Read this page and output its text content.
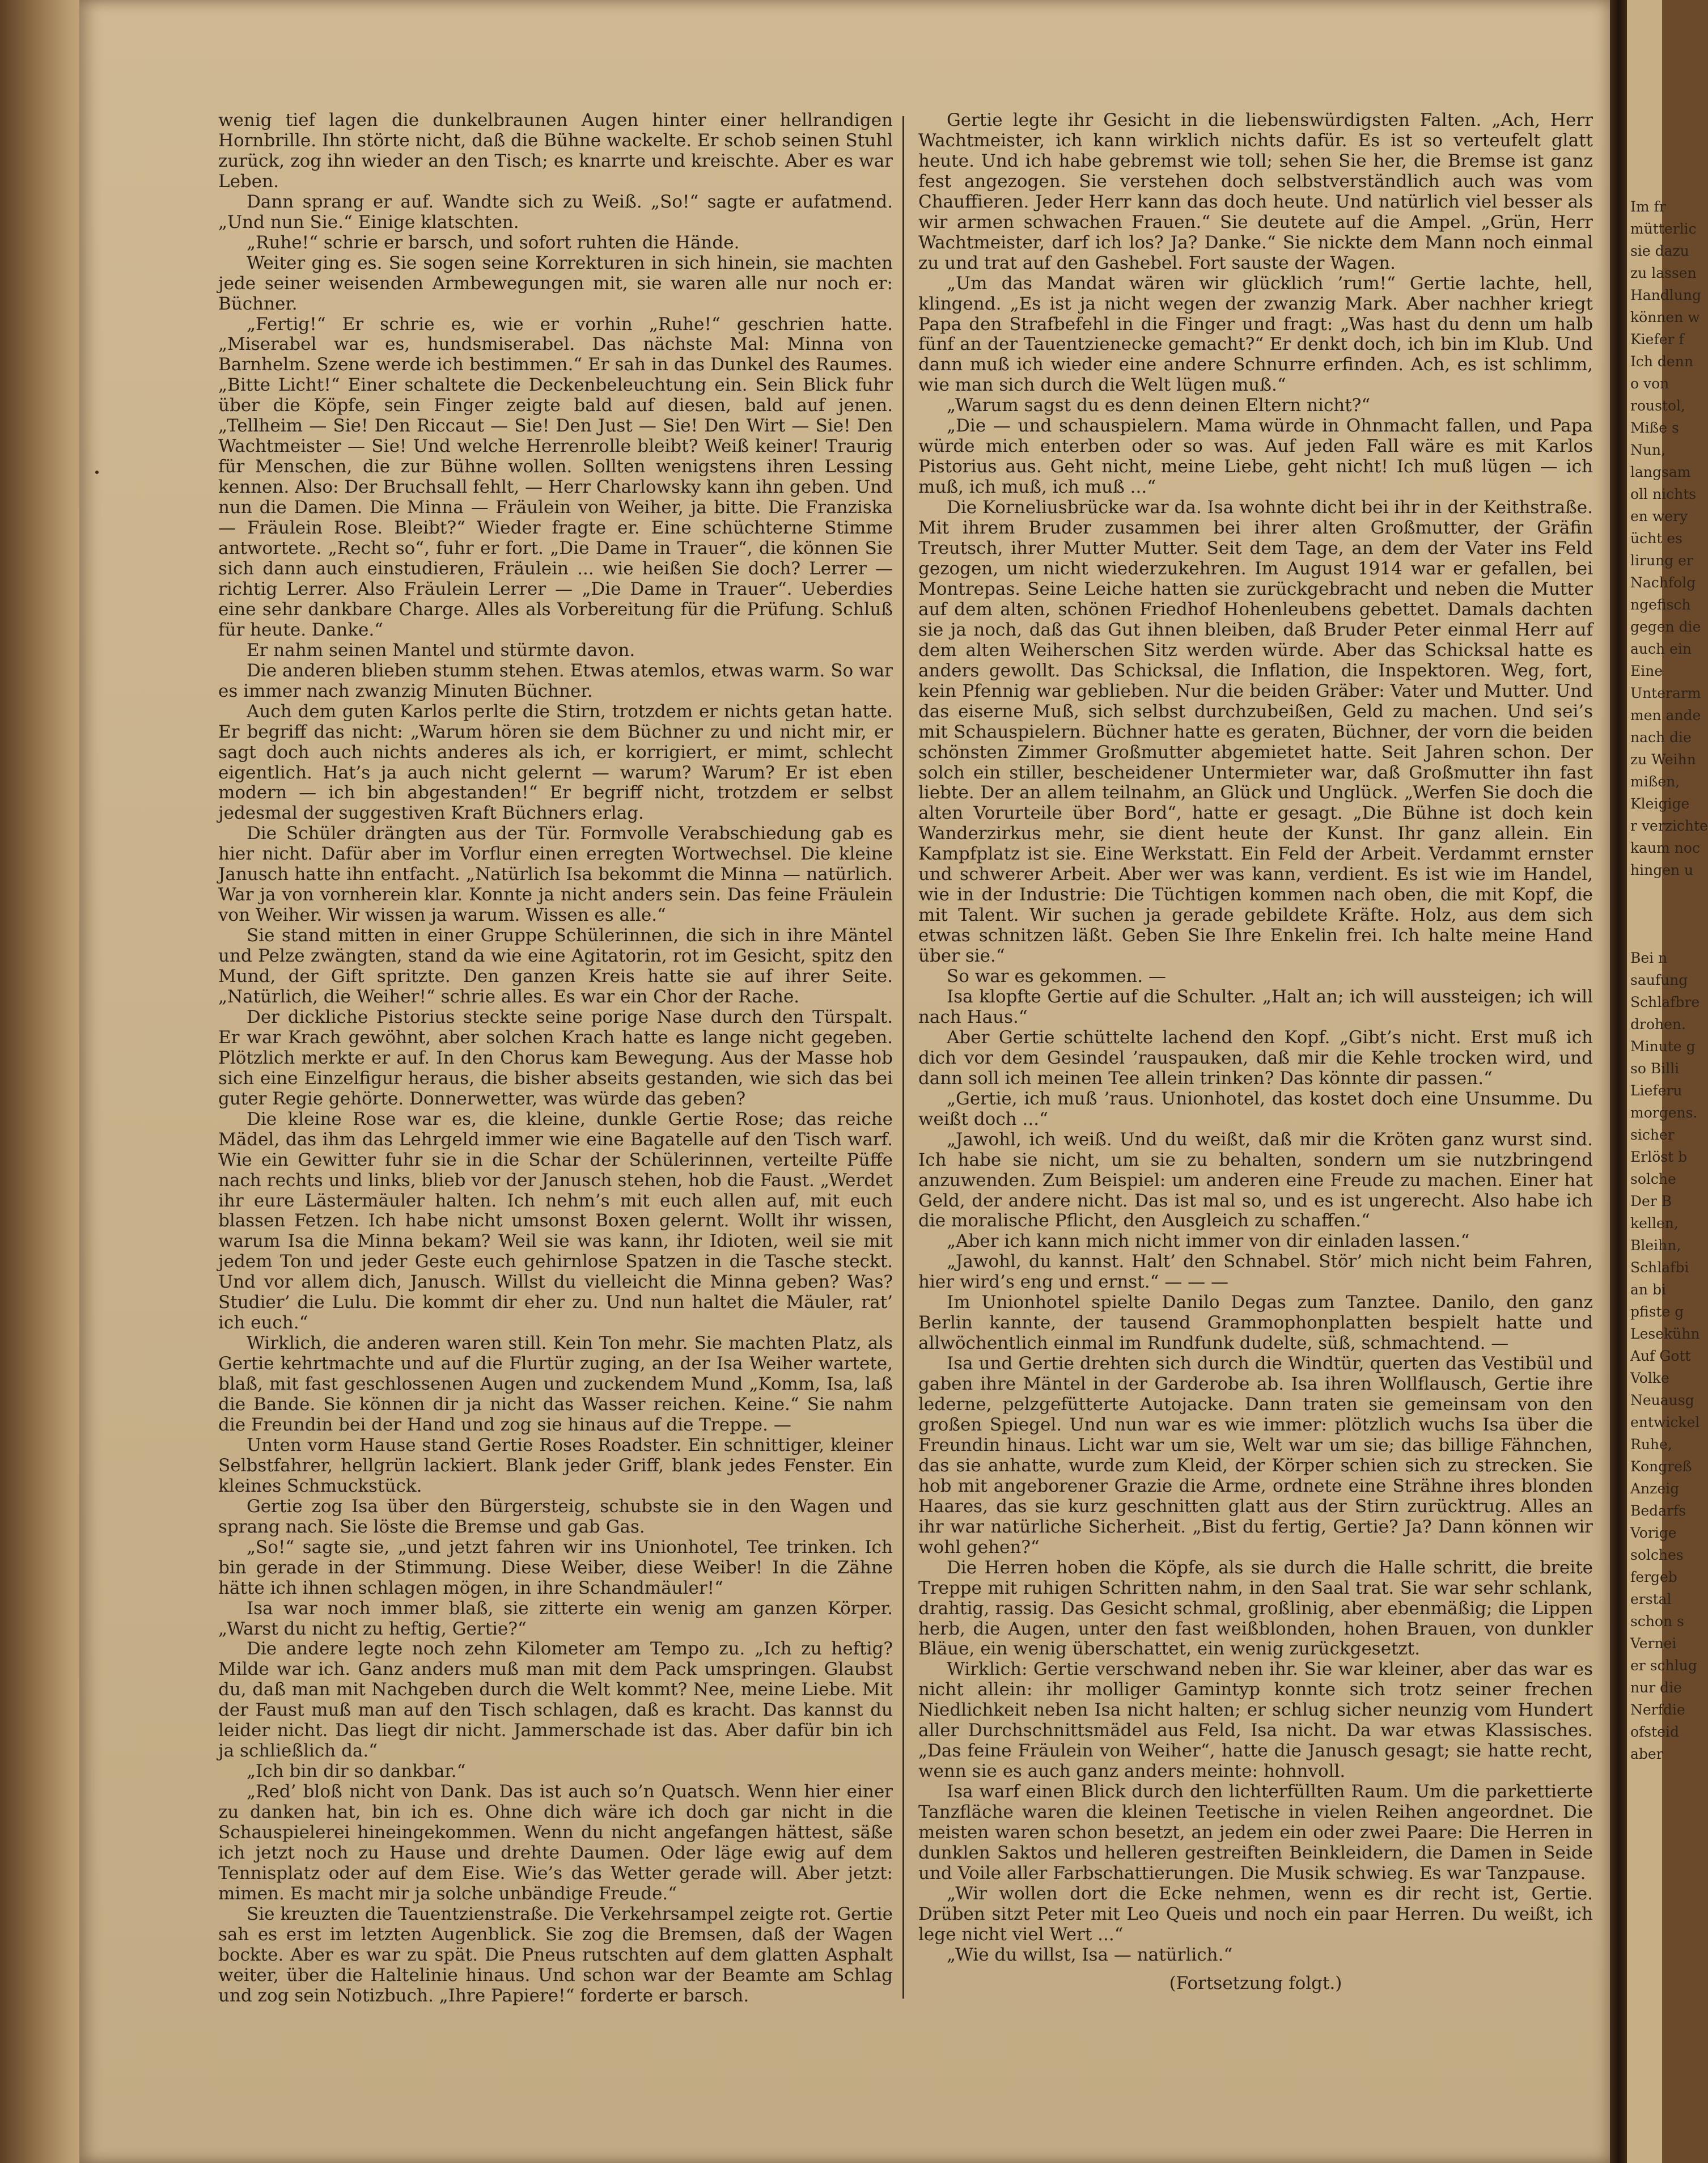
wenig tief lagen die dunkelbraunen Augen hinter einer hellrandigen Hornbrille. Ihn störte nicht, daß die Bühne wackelte. Er schob seinen Stuhl zurück, zog ihn wieder an den Tisch; es knarrte und kreischte. Aber es war Leben.

Dann sprang er auf. Wandte sich zu Weiß. „So!“ sagte er aufatmend. „Und nun Sie.“ Einige klatschten.

„Ruhe!“ schrie er barsch, und sofort ruhten die Hände.

Weiter ging es. Sie sogen seine Korrekturen in sich hinein, sie machten jede seiner weisenden Armbewegungen mit, sie waren alle nur noch er: Büchner.

„Fertig!“ Er schrie es, wie er vorhin „Ruhe!“ geschrien hatte. „Miserabel war es, hundsmiserabel. Das nächste Mal: Minna von Barnhelm. Szene werde ich bestimmen.“ Er sah in das Dunkel des Raumes. „Bitte Licht!“ Einer schaltete die Deckenbeleuchtung ein. Sein Blick fuhr über die Köpfe, sein Finger zeigte bald auf diesen, bald auf jenen. „Tellheim — Sie! Den Riccaut — Sie! Den Just — Sie! Den Wirt — Sie! Den Wachtmeister — Sie! Und welche Herrenrolle bleibt? Weiß keiner! Traurig für Menschen, die zur Bühne wollen. Sollten wenigstens ihren Lessing kennen. Also: Der Bruchsall fehlt, — Herr Charlowsky kann ihn geben. Und nun die Damen. Die Minna — Fräulein von Weiher, ja bitte. Die Franziska — Fräulein Rose. Bleibt?“ Wieder fragte er. Eine schüchterne Stimme antwortete. „Recht so“, fuhr er fort. „Die Dame in Trauer“, die können Sie sich dann auch einstudieren, Fräulein ... wie heißen Sie doch? Lerrer — richtig Lerrer. Also Fräulein Lerrer — „Die Dame in Trauer“. Ueberdies eine sehr dankbare Charge. Alles als Vorbereitung für die Prüfung. Schluß für heute. Danke.“

Er nahm seinen Mantel und stürmte davon.

Die anderen blieben stumm stehen. Etwas atemlos, etwas warm. So war es immer nach zwanzig Minuten Büchner.

Auch dem guten Karlos perlte die Stirn, trotzdem er nichts getan hatte. Er begriff das nicht: „Warum hören sie dem Büchner zu und nicht mir, er sagt doch auch nichts anderes als ich, er korrigiert, er mimt, schlecht eigentlich. Hat’s ja auch nicht gelernt — warum? Warum? Er ist eben modern — ich bin abgestanden!“ Er begriff nicht, trotzdem er selbst jedesmal der suggestiven Kraft Büchners erlag.

Die Schüler drängten aus der Tür. Formvolle Verabschiedung gab es hier nicht. Dafür aber im Vorflur einen erregten Wortwechsel. Die kleine Janusch hatte ihn entfacht. „Natürlich Isa bekommt die Minna — natürlich. War ja von vornherein klar. Konnte ja nicht anders sein. Das feine Fräulein von Weiher. Wir wissen ja warum. Wissen es alle.“

Sie stand mitten in einer Gruppe Schülerinnen, die sich in ihre Mäntel und Pelze zwängten, stand da wie eine Agitatorin, rot im Gesicht, spitz den Mund, der Gift spritzte. Den ganzen Kreis hatte sie auf ihrer Seite. „Natürlich, die Weiher!“ schrie alles. Es war ein Chor der Rache.

Der dickliche Pistorius steckte seine porige Nase durch den Türspalt. Er war Krach gewöhnt, aber solchen Krach hatte es lange nicht gegeben. Plötzlich merkte er auf. In den Chorus kam Bewegung. Aus der Masse hob sich eine Einzelfigur heraus, die bisher abseits gestanden, wie sich das bei guter Regie gehörte. Donnerwetter, was würde das geben?

Die kleine Rose war es, die kleine, dunkle Gertie Rose; das reiche Mädel, das ihm das Lehrgeld immer wie eine Bagatelle auf den Tisch warf. Wie ein Gewitter fuhr sie in die Schar der Schülerinnen, verteilte Püffe nach rechts und links, blieb vor der Janusch stehen, hob die Faust. „Werdet ihr eure Lästermäuler halten. Ich nehm’s mit euch allen auf, mit euch blassen Fetzen. Ich habe nicht umsonst Boxen gelernt. Wollt ihr wissen, warum Isa die Minna bekam? Weil sie was kann, ihr Idioten, weil sie mit jedem Ton und jeder Geste euch gehirnlose Spatzen in die Tasche steckt. Und vor allem dich, Janusch. Willst du vielleicht die Minna geben? Was? Studier’ die Lulu. Die kommt dir eher zu. Und nun haltet die Mäuler, rat’ ich euch.“

Wirklich, die anderen waren still. Kein Ton mehr. Sie machten Platz, als Gertie kehrtmachte und auf die Flurtür zuging, an der Isa Weiher wartete, blaß, mit fast geschlossenen Augen und zuckendem Mund „Komm, Isa, laß die Bande. Sie können dir ja nicht das Wasser reichen. Keine.“ Sie nahm die Freundin bei der Hand und zog sie hinaus auf die Treppe. —

Unten vorm Hause stand Gertie Roses Roadster. Ein schnittiger, kleiner Selbstfahrer, hellgrün lackiert. Blank jeder Griff, blank jedes Fenster. Ein kleines Schmuckstück.

Gertie zog Isa über den Bürgersteig, schubste sie in den Wagen und sprang nach. Sie löste die Bremse und gab Gas.

„So!“ sagte sie, „und jetzt fahren wir ins Unionhotel, Tee trinken. Ich bin gerade in der Stimmung. Diese Weiber, diese Weiber! In die Zähne hätte ich ihnen schlagen mögen, in ihre Schandmäuler!“

Isa war noch immer blaß, sie zitterte ein wenig am ganzen Körper. „Warst du nicht zu heftig, Gertie?“

Die andere legte noch zehn Kilometer am Tempo zu. „Ich zu heftig? Milde war ich. Ganz anders muß man mit dem Pack umspringen. Glaubst du, daß man mit Nachgeben durch die Welt kommt? Nee, meine Liebe. Mit der Faust muß man auf den Tisch schlagen, daß es kracht. Das kannst du leider nicht. Das liegt dir nicht. Jammerschade ist das. Aber dafür bin ich ja schließlich da.“

„Ich bin dir so dankbar.“

„Red’ bloß nicht von Dank. Das ist auch so’n Quatsch. Wenn hier einer zu danken hat, bin ich es. Ohne dich wäre ich doch gar nicht in die Schauspielerei hineingekommen. Wenn du nicht angefangen hättest, säße ich jetzt noch zu Hause und drehte Daumen. Oder läge ewig auf dem Tennisplatz oder auf dem Eise. Wie’s das Wetter gerade will. Aber jetzt: mimen. Es macht mir ja solche unbändige Freude.“

Sie kreuzten die Tauentzienstraße. Die Verkehrsampel zeigte rot. Gertie sah es erst im letzten Augenblick. Sie zog die Bremsen, daß der Wagen bockte. Aber es war zu spät. Die Pneus rutschten auf dem glatten Asphalt weiter, über die Haltelinie hinaus. Und schon war der Beamte am Schlag und zog sein Notizbuch. „Ihre Papiere!“ forderte er barsch.

Gertie legte ihr Gesicht in die liebenswürdigsten Falten. „Ach, Herr Wachtmeister, ich kann wirklich nichts dafür. Es ist so verteufelt glatt heute. Und ich habe gebremst wie toll; sehen Sie her, die Bremse ist ganz fest angezogen. Sie verstehen doch selbstverständlich auch was vom Chauffieren. Jeder Herr kann das doch heute. Und natürlich viel besser als wir armen schwachen Frauen.“ Sie deutete auf die Ampel. „Grün, Herr Wachtmeister, darf ich los? Ja? Danke.“ Sie nickte dem Mann noch einmal zu und trat auf den Gashebel. Fort sauste der Wagen.

„Um das Mandat wären wir glücklich ’rum!“ Gertie lachte, hell, klingend. „Es ist ja nicht wegen der zwanzig Mark. Aber nachher kriegt Papa den Strafbefehl in die Finger und fragt: „Was hast du denn um halb fünf an der Tauentzienecke gemacht?“ Er denkt doch, ich bin im Klub. Und dann muß ich wieder eine andere Schnurre erfinden. Ach, es ist schlimm, wie man sich durch die Welt lügen muß.“

„Warum sagst du es denn deinen Eltern nicht?“

„Die — und schauspielern. Mama würde in Ohnmacht fallen, und Papa würde mich enterben oder so was. Auf jeden Fall wäre es mit Karlos Pistorius aus. Geht nicht, meine Liebe, geht nicht! Ich muß lügen — ich muß, ich muß, ich muß ...“

Die Korneliusbrücke war da. Isa wohnte dicht bei ihr in der Keithstraße. Mit ihrem Bruder zusammen bei ihrer alten Großmutter, der Gräfin Treutsch, ihrer Mutter Mutter. Seit dem Tage, an dem der Vater ins Feld gezogen, um nicht wiederzukehren. Im August 1914 war er gefallen, bei Montrepas. Seine Leiche hatten sie zurückgebracht und neben die Mutter auf dem alten, schönen Friedhof Hohenleubens gebettet. Damals dachten sie ja noch, daß das Gut ihnen bleiben, daß Bruder Peter einmal Herr auf dem alten Weiherschen Sitz werden würde. Aber das Schicksal hatte es anders gewollt. Das Schicksal, die Inflation, die Inspektoren. Weg, fort, kein Pfennig war geblieben. Nur die beiden Gräber: Vater und Mutter. Und das eiserne Muß, sich selbst durchzubeißen, Geld zu machen. Und sei’s mit Schauspielern. Büchner hatte es geraten, Büchner, der vorn die beiden schönsten Zimmer Großmutter abgemietet hatte. Seit Jahren schon. Der solch ein stiller, bescheidener Untermieter war, daß Großmutter ihn fast liebte. Der an allem teilnahm, an Glück und Unglück. „Werfen Sie doch die alten Vorurteile über Bord“, hatte er gesagt. „Die Bühne ist doch kein Wanderzirkus mehr, sie dient heute der Kunst. Ihr ganz allein. Ein Kampfplatz ist sie. Eine Werkstatt. Ein Feld der Arbeit. Verdammt ernster und schwerer Arbeit. Aber wer was kann, verdient. Es ist wie im Handel, wie in der Industrie: Die Tüchtigen kommen nach oben, die mit Kopf, die mit Talent. Wir suchen ja gerade gebildete Kräfte. Holz, aus dem sich etwas schnitzen läßt. Geben Sie Ihre Enkelin frei. Ich halte meine Hand über sie.“

So war es gekommen. —

Isa klopfte Gertie auf die Schulter. „Halt an; ich will aussteigen; ich will nach Haus.“

Aber Gertie schüttelte lachend den Kopf. „Gibt’s nicht. Erst muß ich dich vor dem Gesindel ’rauspauken, daß mir die Kehle trocken wird, und dann soll ich meinen Tee allein trinken? Das könnte dir passen.“

„Gertie, ich muß ’raus. Unionhotel, das kostet doch eine Unsumme. Du weißt doch ...“

„Jawohl, ich weiß. Und du weißt, daß mir die Kröten ganz wurst sind. Ich habe sie nicht, um sie zu behalten, sondern um sie nutzbringend anzuwenden. Zum Beispiel: um anderen eine Freude zu machen. Einer hat Geld, der andere nicht. Das ist mal so, und es ist ungerecht. Also habe ich die moralische Pflicht, den Ausgleich zu schaffen.“

„Aber ich kann mich nicht immer von dir einladen lassen.“

„Jawohl, du kannst. Halt’ den Schnabel. Stör’ mich nicht beim Fahren, hier wird’s eng und ernst.“ — — —

Im Unionhotel spielte Danilo Degas zum Tanztee. Danilo, den ganz Berlin kannte, der tausend Grammophonplatten bespielt hatte und allwöchentlich einmal im Rundfunk dudelte, süß, schmachtend. —

Isa und Gertie drehten sich durch die Windtür, querten das Vestibül und gaben ihre Mäntel in der Garderobe ab. Isa ihren Wollflausch, Gertie ihre lederne, pelzgefütterte Autojacke. Dann traten sie gemeinsam von den großen Spiegel. Und nun war es wie immer: plötzlich wuchs Isa über die Freundin hinaus. Licht war um sie, Welt war um sie; das billige Fähnchen, das sie anhatte, wurde zum Kleid, der Körper schien sich zu strecken. Sie hob mit angeborener Grazie die Arme, ordnete eine Strähne ihres blonden Haares, das sie kurz geschnitten glatt aus der Stirn zurücktrug. Alles an ihr war natürliche Sicherheit. „Bist du fertig, Gertie? Ja? Dann können wir wohl gehen?“

Die Herren hoben die Köpfe, als sie durch die Halle schritt, die breite Treppe mit ruhigen Schritten nahm, in den Saal trat. Sie war sehr schlank, drahtig, rassig. Das Gesicht schmal, großlinig, aber ebenmäßig; die Lippen herb, die Augen, unter den fast weißblonden, hohen Brauen, von dunkler Bläue, ein wenig überschattet, ein wenig zurückgesetzt.

Wirklich: Gertie verschwand neben ihr. Sie war kleiner, aber das war es nicht allein: ihr molliger Gamintyp konnte sich trotz seiner frechen Niedlichkeit neben Isa nicht halten; er schlug sicher neunzig vom Hundert aller Durchschnittsmädel aus Feld, Isa nicht. Da war etwas Klassisches. „Das feine Fräulein von Weiher“, hatte die Janusch gesagt; sie hatte recht, wenn sie es auch ganz anders meinte: hohnvoll.

Isa warf einen Blick durch den lichterfüllten Raum. Um die parkettierte Tanzfläche waren die kleinen Teetische in vielen Reihen angeordnet. Die meisten waren schon besetzt, an jedem ein oder zwei Paare: Die Herren in dunklen Saktos und helleren gestreiften Beinkleidern, die Damen in Seide und Voile aller Farbschattierungen. Die Musik schwieg. Es war Tanzpause.

„Wir wollen dort die Ecke nehmen, wenn es dir recht ist, Gertie. Drüben sitzt Peter mit Leo Queis und noch ein paar Herren. Du weißt, ich lege nicht viel Wert ...“

„Wie du willst, Isa — natürlich.“

(Fortsetzung folgt.)

Im fr

mütterlic

sie dazu

zu lassen

Handlung

können w

Kiefer f

Ich denn

o von

roustol,

Miße s

Nun,

langsam

oll nichts

en wery

ücht es

lirung er

Nachfolg

ngefisch

gegen die

auch ein

Eine

Unterarm

men ande

nach die

zu Weihn

mißen,

Kleigige

r verzichte

kaum noc

hingen u

Bei n

saufung

Schlafbre

drohen.

Minute g

so Billi

Lieferu

morgens.

sicher

Erlöst b

solche

Der B

kellen,

Bleihn,

Schlafbi

an bi

pfiste g

Lesekühn

Auf Gott

Volke

Neuausg

entwickel

Ruhe,

Kongreß

Anzeig

Bedarfs

Vorige

solches

fergeb

erstal

schon s

Vernei

er schlug

nur die

Nerfdie

ofsteid

aber
